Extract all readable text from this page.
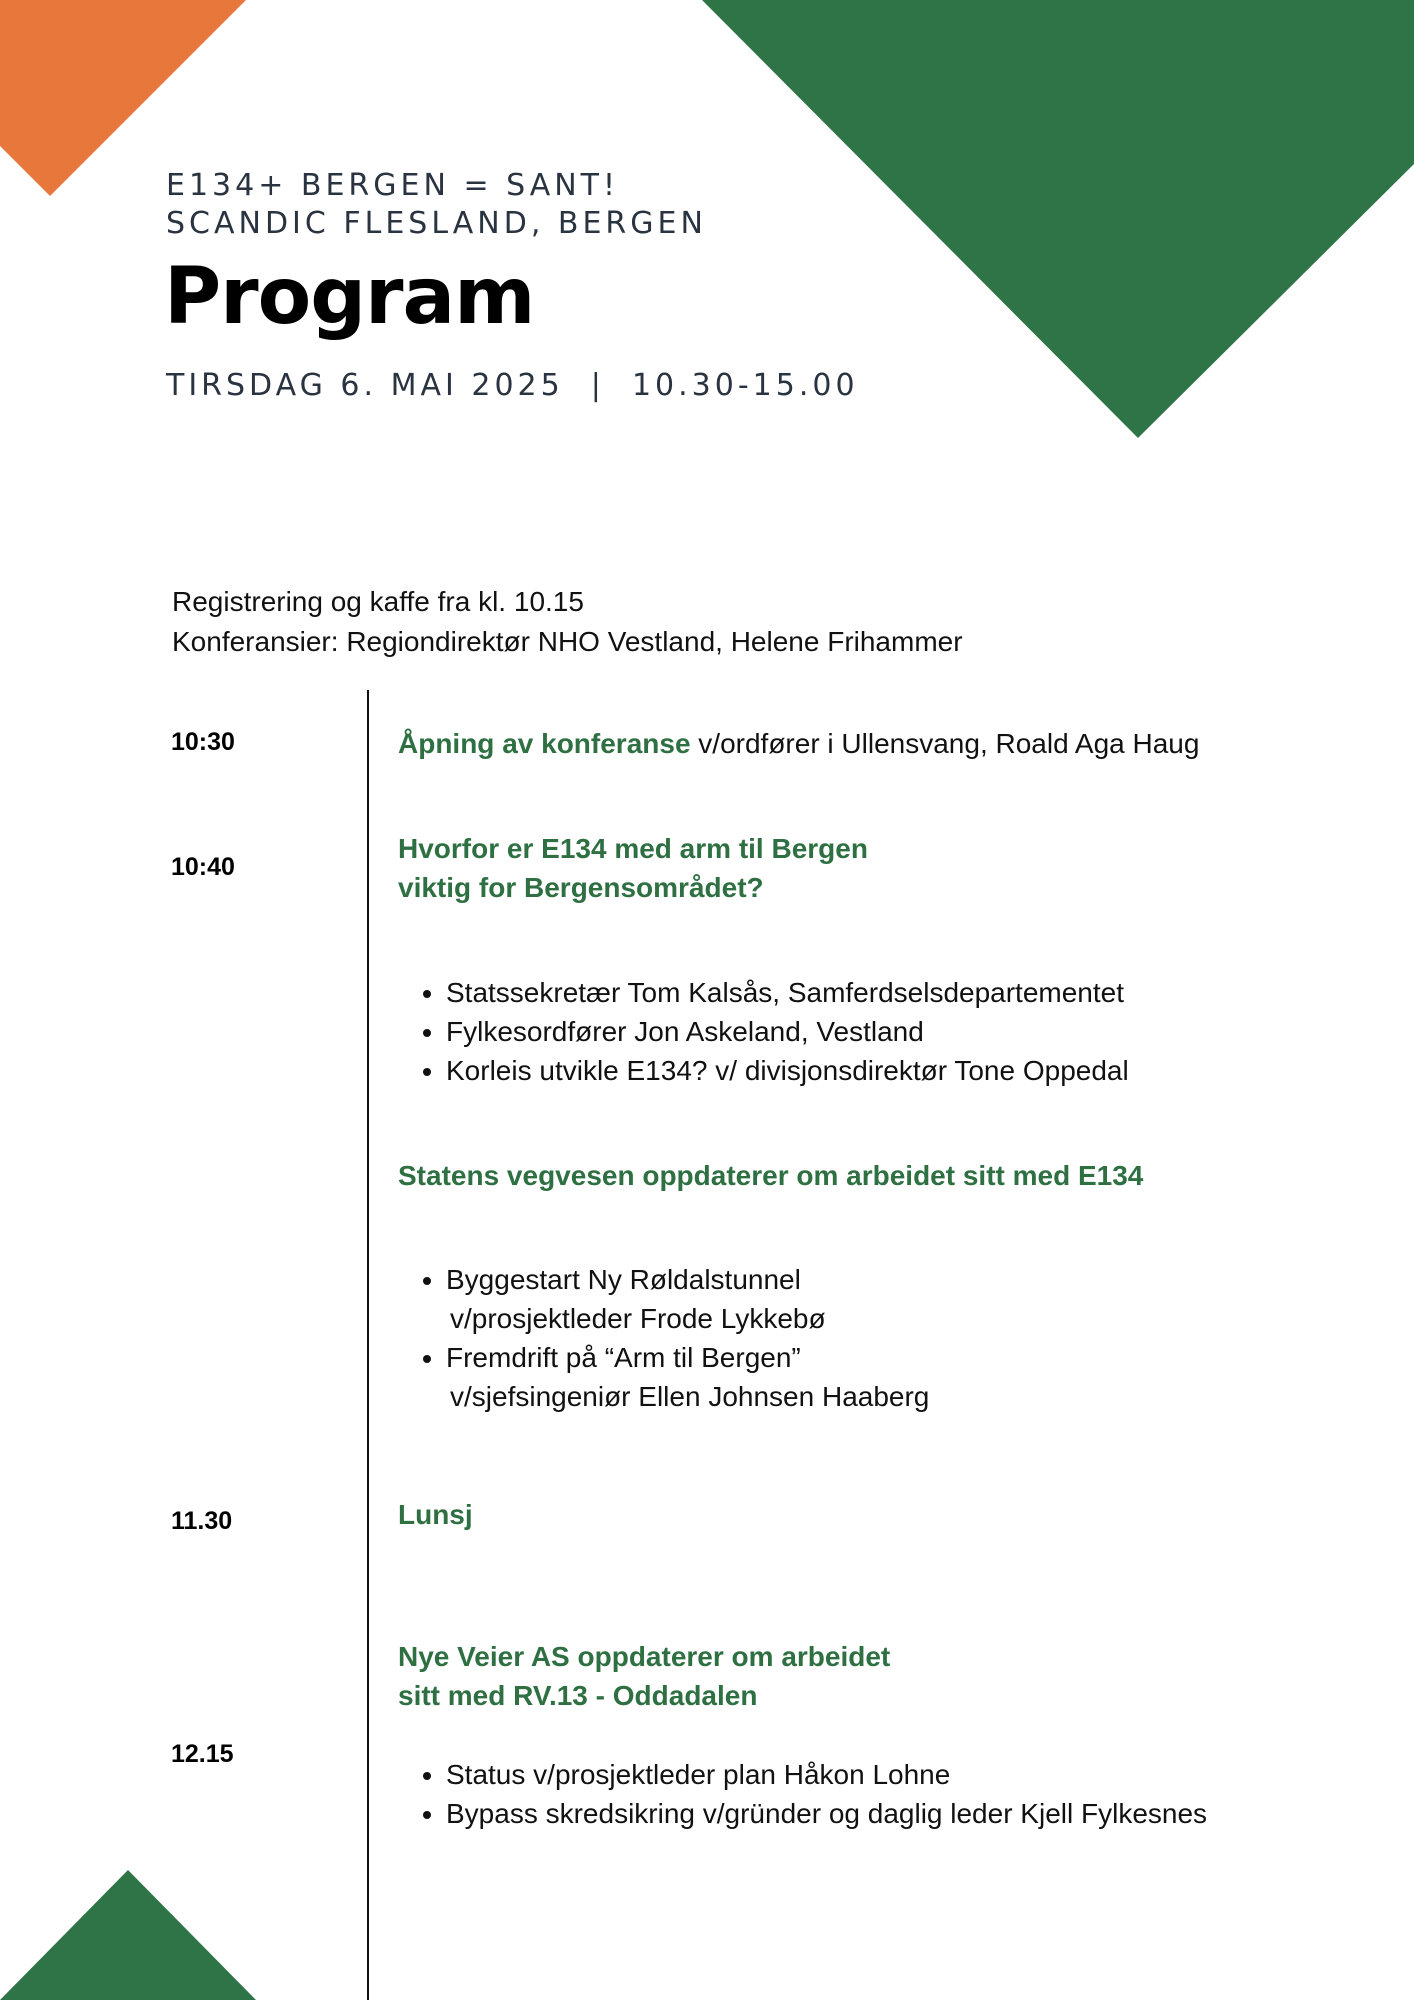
E134+ BERGEN = SANT!
SCANDIC FLESLAND, BERGEN
Program
TIRSDAG 6. MAI 2025  |  10.30-15.00
Registrering og kaffe fra kl. 10.15
Konferansier: Regiondirektør NHO Vestland, Helene Frihammer
10:30	Åpning av konferanse v/ordfører i Ullensvang, Roald Aga Haug
10:40
Hvorfor er E134 med arm til Bergen
viktig for Bergensområdet?
• Statssekretær Tom Kalsås, Samferdselsdepartementet
• Fylkesordfører Jon Askeland, Vestland
• Korleis utvikle E134? v/ divisjonsdirektør Tone Oppedal
Statens vegvesen oppdaterer om arbeidet sitt med E134
• Byggestart Ny Røldalstunnel
v/prosjektleder Frode Lykkebø
• Fremdrift på “Arm til Bergen”
v/sjefsingeniør Ellen Johnsen Haaberg
11.30	Lunsj
Nye Veier AS oppdaterer om arbeidet
sitt med RV.13 - Oddadalen
12.15
• Status v/prosjektleder plan Håkon Lohne
• Bypass skredsikring v/gründer og daglig leder Kjell Fylkesnes
